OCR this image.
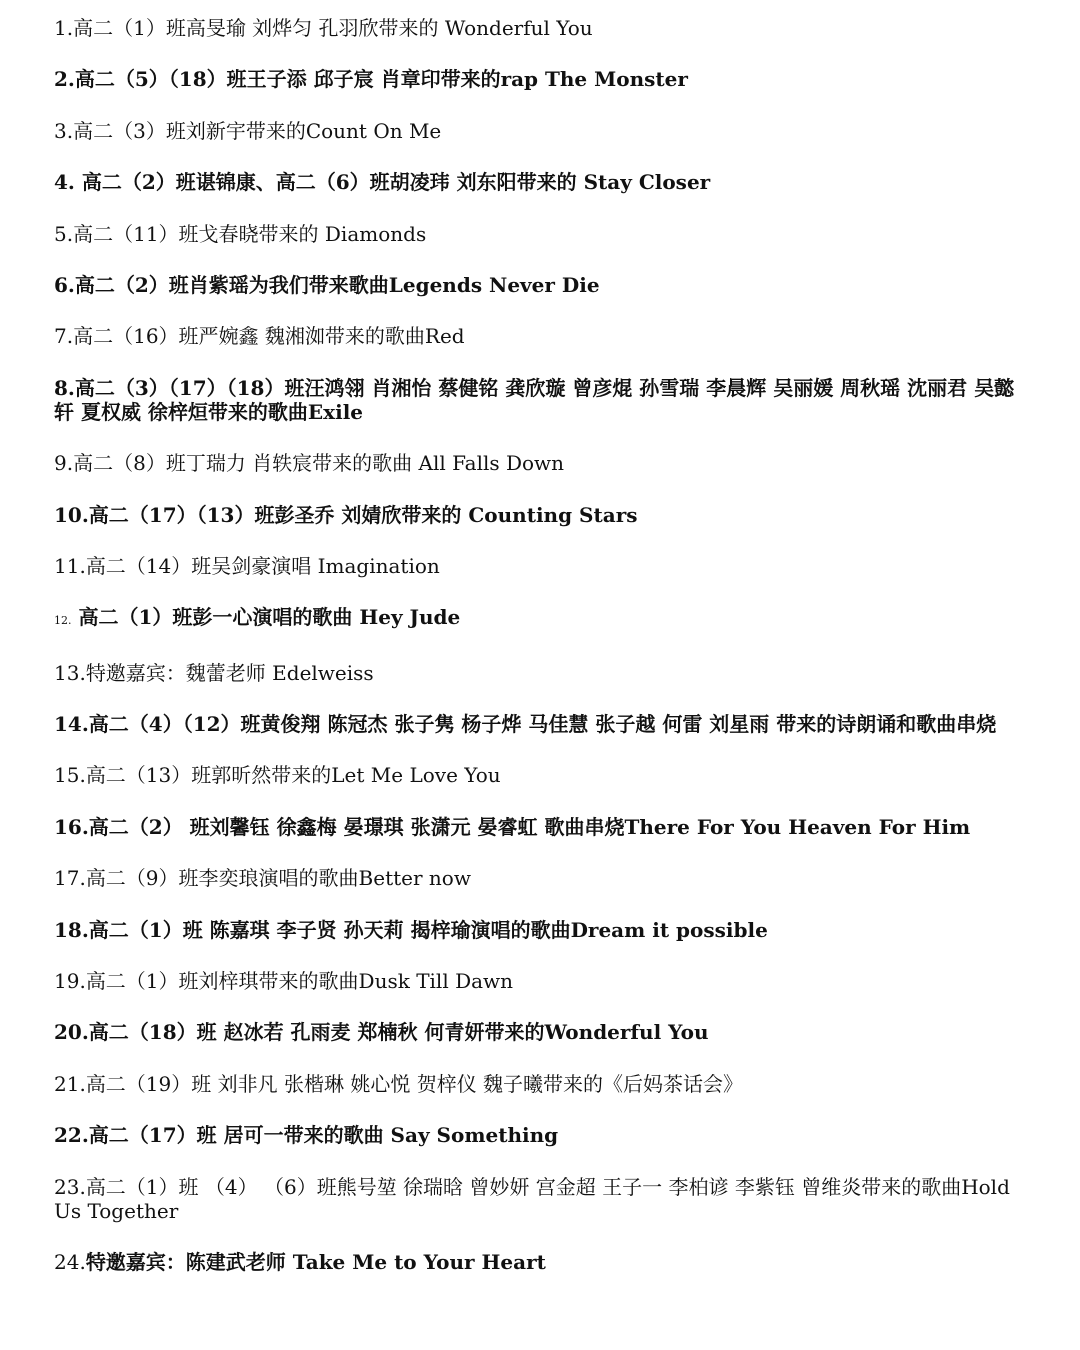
1.高二（1）班高旻瑜 刘烨匀 孔羽欣带来的 Wonderful You
2.高二（5）（18）班王子添 邱子宸 肖章印带来的rap The Monster
3.高二（3）班刘新宇带来的Count On Me
4. 高二（2）班谌锦康、高二（6）班胡凌玮 刘东阳带来的 Stay Closer
5.高二（11）班戈春晓带来的 Diamonds
6.高二（2）班肖紫瑶为我们带来歌曲Legends Never Die
7.高二（16）班严婉鑫 魏湘洳带来的歌曲Red
8.高二（3）（17）（18）班汪鸿翎 肖湘怡 蔡健铭 龚欣璇 曾彦焜 孙雪瑞 李晨辉 吴丽媛 周秋瑶 沈丽君 吴懿轩 夏权威 徐梓烜带来的歌曲Exile
9.高二（8）班丁瑞力 肖轶宸带来的歌曲 All Falls Down
10.高二（17）（13）班彭圣乔 刘婧欣带来的 Counting Stars
11.高二（14）班吴剑豪演唱 Imagination
12. 高二（1）班彭一心演唱的歌曲 Hey Jude
13.特邀嘉宾：魏蕾老师 Edelweiss
14.高二（4）（12）班黄俊翔 陈冠杰 张子隽 杨子烨 马佳慧 张子越 何雷 刘星雨 带来的诗朗诵和歌曲串烧
15.高二（13）班郭昕然带来的Let Me Love You
16.高二（2） 班刘馨钰 徐鑫梅 晏璟琪 张潇元 晏睿虹 歌曲串烧There For You Heaven For Him
17.高二（9）班李奕琅演唱的歌曲Better now
18.高二（1）班 陈嘉琪 李子贤 孙天莉 揭梓瑜演唱的歌曲Dream it possible
19.高二（1）班刘梓琪带来的歌曲Dusk Till Dawn
20.高二（18）班 赵冰若 孔雨麦 郑楠秋 何青妍带来的Wonderful You
21.高二（19）班 刘非凡 张楷琳 姚心悦 贺梓仪 魏子曦带来的《后妈茶话会》
22.高二（17）班 居可一带来的歌曲 Say Something
23.高二（1）班 （4） （6）班熊号堃 徐瑞晗 曾妙妍 宫金超 王子一 李柏谚 李紫钰 曾维炎带来的歌曲Hold Us Together
24.特邀嘉宾：陈建武老师 Take Me to Your Heart
